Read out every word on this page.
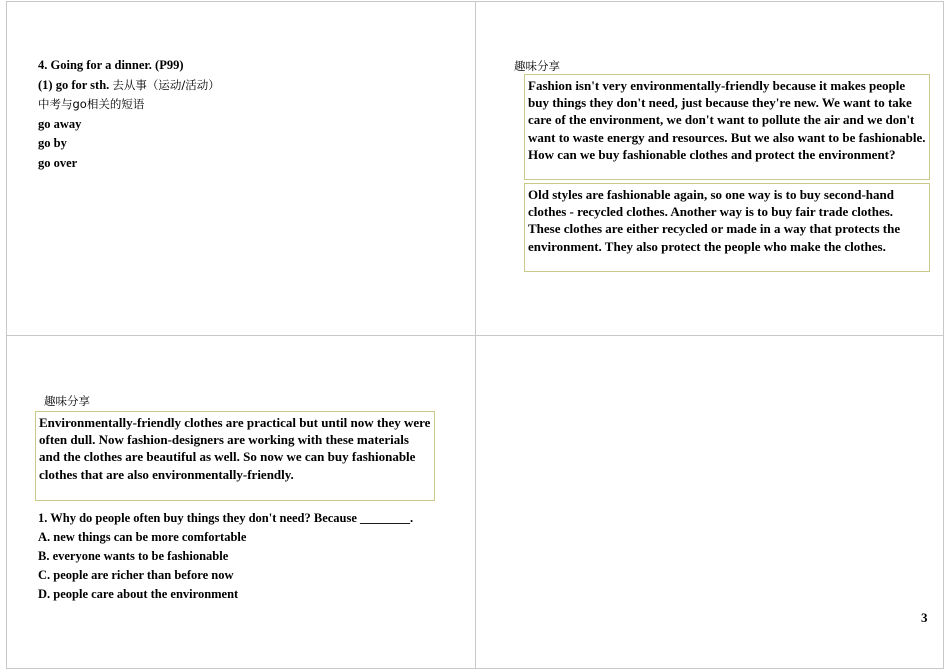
4. Going for a dinner. (P99)
(1) go for sth. 去从事（运动/活动）
中考与go相关的短语
go away
go by
go over
趣味分享
Fashion isn't very environmentally-friendly because it makes people buy things they don't need, just because they're new. We want to take care of the environment, we don't want to pollute the air and we don't want to waste energy and resources. But we also want to be fashionable. How can we buy fashionable clothes and protect the environment?
Old styles are fashionable again, so one way is to buy second-hand clothes - recycled clothes. Another way is to buy fair trade clothes. These clothes are either recycled or made in a way that protects the environment. They also protect the people who make the clothes.
趣味分享
Environmentally-friendly clothes are practical but until now they were often dull. Now fashion-designers are working with these materials and the clothes are beautiful as well. So now we can buy fashionable clothes that are also environmentally-friendly.
1. Why do people often buy things they don't need? Because ________.
A. new things can be more comfortable
B. everyone wants to be fashionable
C. people are richer than before now
D. people care about the environment
3
